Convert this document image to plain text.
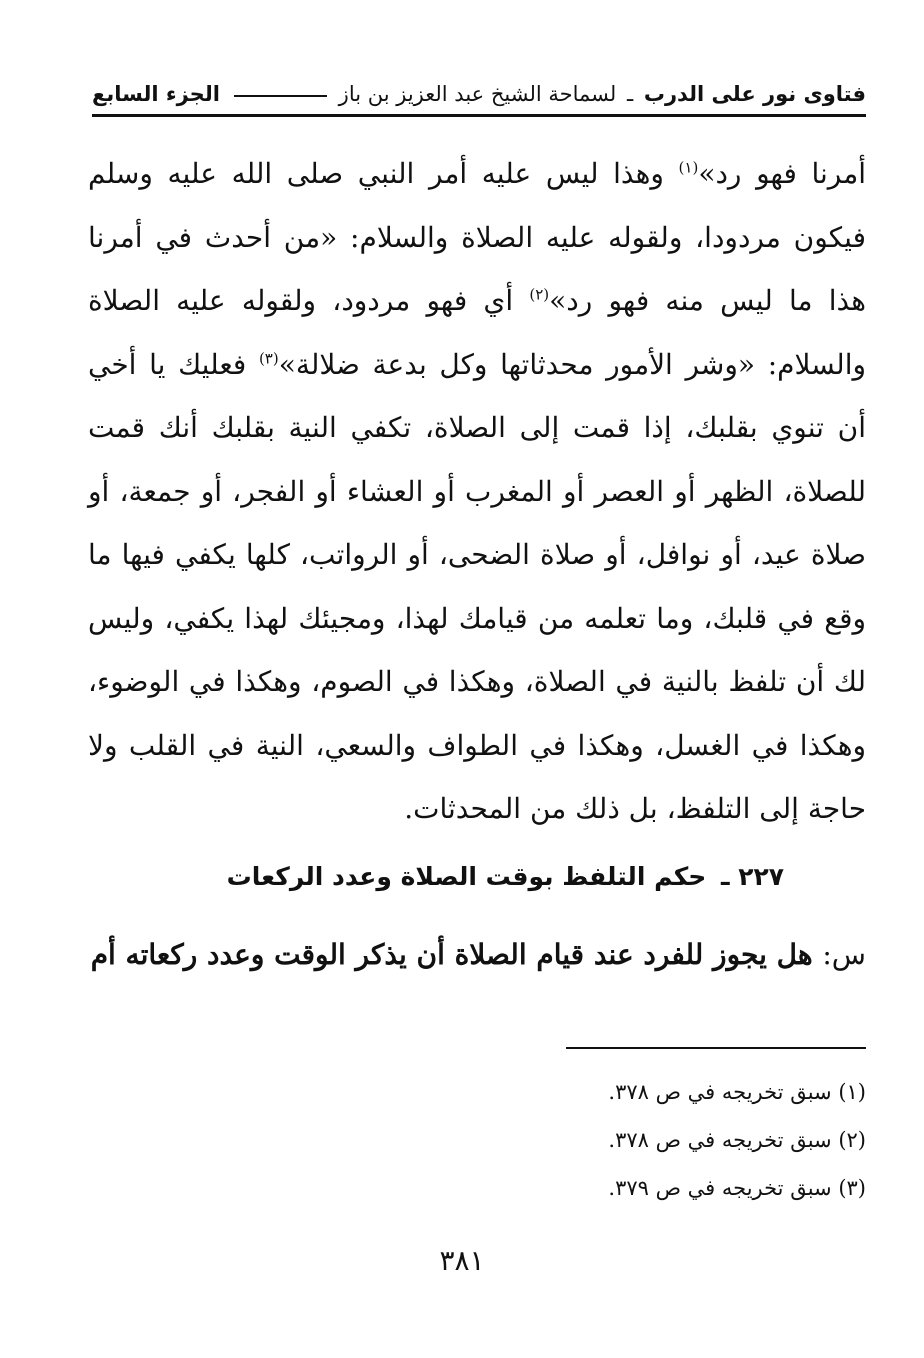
فتاوى نور على الدرب ـ لسماحة الشيخ عبد العزيز بن باز
الجزء السابع

أمرنا فهو رد»$^{(١)}$ وهذا ليس عليه أمر النبي صلى الله عليه وسلم فيكون مردودا، ولقوله عليه الصلاة والسلام: «من أحدث في أمرنا هذا ما ليس منه فهو رد»$^{(٢)}$ أي فهو مردود، ولقوله عليه الصلاة والسلام: «وشر الأمور محدثاتها وكل بدعة ضلالة»$^{(٣)}$ فعليك يا أخي أن تنوي بقلبك، إذا قمت إلى الصلاة، تكفي النية بقلبك أنك قمت للصلاة، الظهر أو العصر أو المغرب أو العشاء أو الفجر، أو جمعة، أو صلاة عيد، أو نوافل، أو صلاة الضحى، أو الرواتب، كلها يكفي فيها ما وقع في قلبك، وما تعلمه من قيامك لهذا، ومجيئك لهذا يكفي، وليس لك أن تلفظ بالنية في الصلاة، وهكذا في الصوم، وهكذا في الوضوء، وهكذا في الغسل، وهكذا في الطواف والسعي، النية في القلب ولا حاجة إلى التلفظ، بل ذلك من المحدثات.

٢٢٧ ـ حكم التلفظ بوقت الصلاة وعدد الركعات
س: هل يجوز للفرد عند قيام الصلاة أن يذكر الوقت وعدد ركعاته أم
(١) سبق تخريجه في ص ٣٧٨.
(٢) سبق تخريجه في ص ٣٧٨.
(٣) سبق تخريجه في ص ٣٧٩.
٣٨١
